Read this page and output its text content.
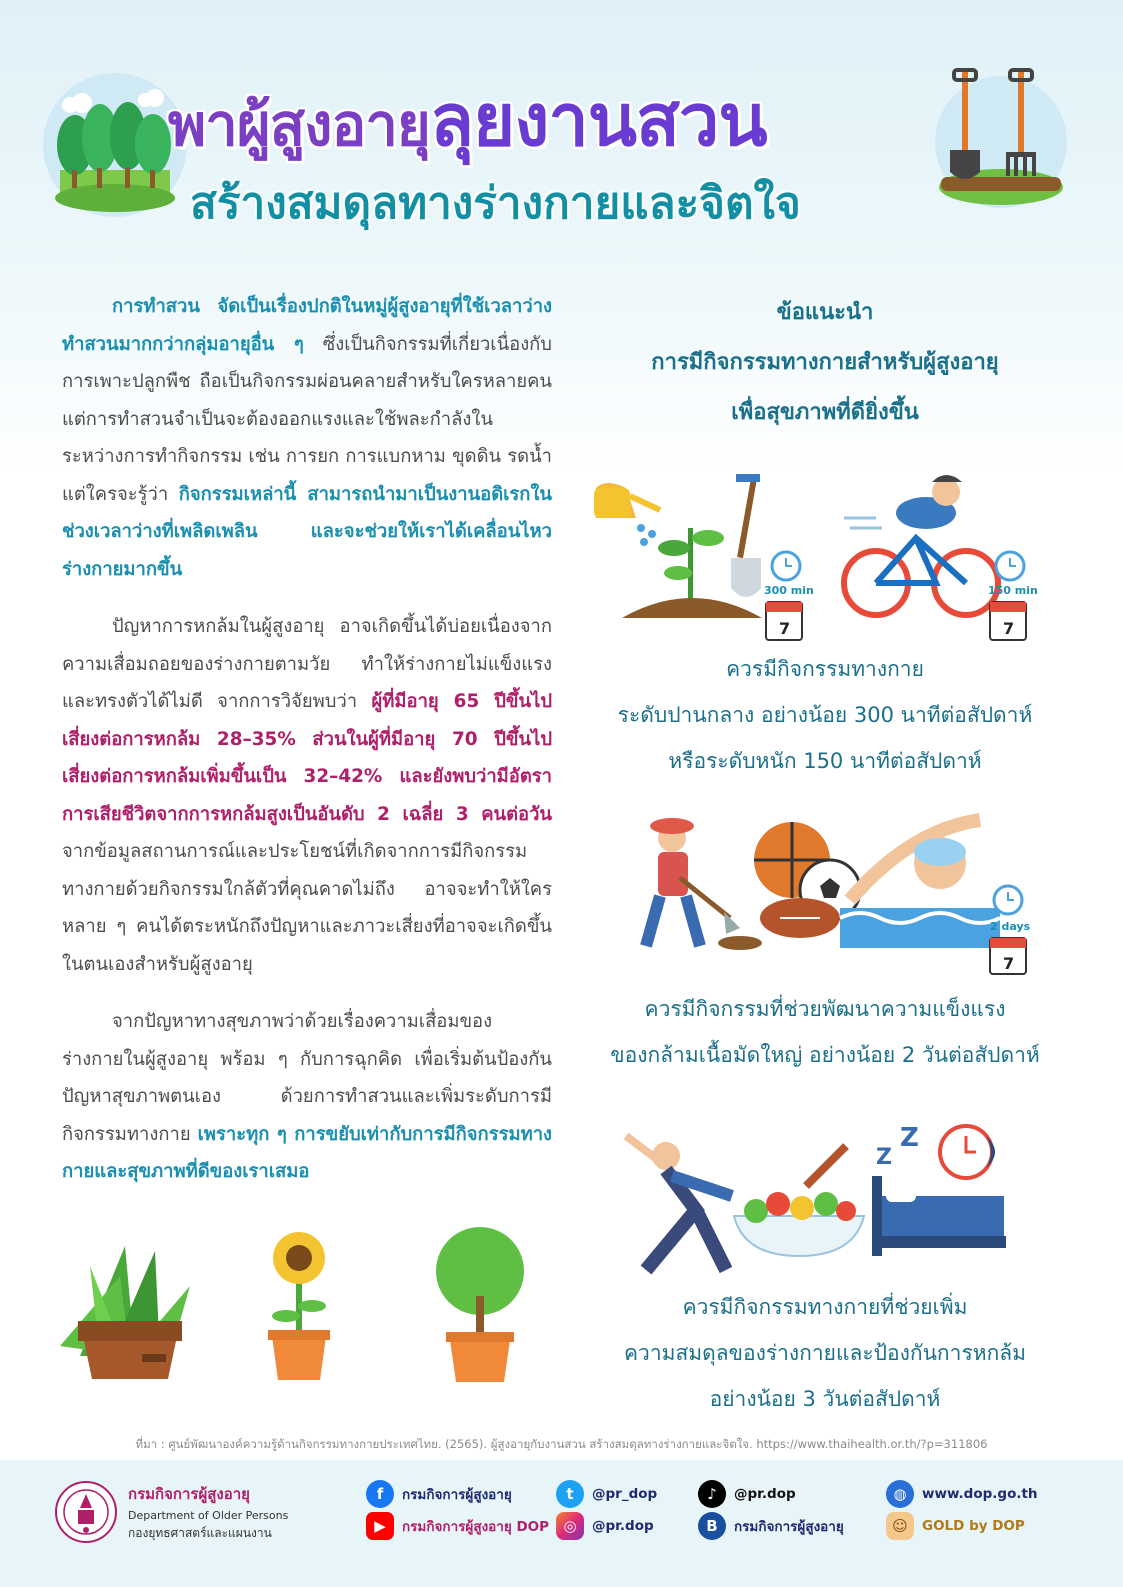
พาผู้สูงอายุลุยงานสวน
สร้างสมดุลทางร่างกายและจิตใจ

การทำสวน จัดเป็นเรื่องปกติในหมู่ผู้สูงอายุที่ใช้เวลาว่างทำสวนมากกว่ากลุ่มอายุอื่น ๆ ซึ่งเป็นกิจกรรมที่เกี่ยวเนื่องกับการเพาะปลูกพืช ถือเป็นกิจกรรมผ่อนคลายสำหรับใครหลายคน แต่การทำสวนจำเป็นจะต้องออกแรงและใช้พละกำลังในระหว่างการทำกิจกรรม เช่น การยก การแบกหาม ขุดดิน รดน้ำ แต่ใครจะรู้ว่า กิจกรรมเหล่านี้ สามารถนำมาเป็นงานอดิเรกในช่วงเวลาว่างที่เพลิดเพลิน และจะช่วยให้เราได้เคลื่อนไหวร่างกายมากขึ้น

ปัญหาการหกล้มในผู้สูงอายุ อาจเกิดขึ้นได้บ่อยเนื่องจากความเสื่อมถอยของร่างกายตามวัย ทำให้ร่างกายไม่แข็งแรงและทรงตัวได้ไม่ดี จากการวิจัยพบว่า ผู้ที่มีอายุ 65 ปีขึ้นไป เสี่ยงต่อการหกล้ม 28–35% ส่วนในผู้ที่มีอายุ 70 ปีขึ้นไป เสี่ยงต่อการหกล้มเพิ่มขึ้นเป็น 32–42% และยังพบว่ามีอัตราการเสียชีวิตจากการหกล้มสูงเป็นอันดับ 2 เฉลี่ย 3 คนต่อวัน จากข้อมูลสถานการณ์และประโยชน์ที่เกิดจากการมีกิจกรรมทางกายด้วยกิจกรรมใกล้ตัวที่คุณคาดไม่ถึง อาจจะทำให้ใครหลาย ๆ คนได้ตระหนักถึงปัญหาและภาวะเสี่ยงที่อาจจะเกิดขึ้นในตนเองสำหรับผู้สูงอายุ

จากปัญหาทางสุขภาพว่าด้วยเรื่องความเสื่อมของร่างกายในผู้สูงอายุ พร้อม ๆ กับการฉุกคิด เพื่อเริ่มต้นป้องกันปัญหาสุขภาพตนเอง ด้วยการทำสวนและเพิ่มระดับการมีกิจกรรมทางกาย เพราะทุก ๆ การขยับเท่ากับการมีกิจกรรมทางกายและสุขภาพที่ดีของเราเสมอ

ข้อแนะนำ
การมีกิจกรรมทางกายสำหรับผู้สูงอายุ
เพื่อสุขภาพที่ดียิ่งขึ้น
300 min
7
150 min
7
ควรมีกิจกรรมทางกาย
ระดับปานกลาง อย่างน้อย 300 นาทีต่อสัปดาห์
หรือระดับหนัก 150 นาทีต่อสัปดาห์
2 days
7
ควรมีกิจกรรมที่ช่วยพัฒนาความแข็งแรง
ของกล้ามเนื้อมัดใหญ่ อย่างน้อย 2 วันต่อสัปดาห์
Z
Z
ควรมีกิจกรรมทางกายที่ช่วยเพิ่ม
ความสมดุลของร่างกายและป้องกันการหกล้ม
อย่างน้อย 3 วันต่อสัปดาห์
ที่มา : ศูนย์พัฒนาองค์ความรู้ด้านกิจกรรมทางกายประเทศไทย. (2565). ผู้สูงอายุกับงานสวน สร้างสมดุลทางร่างกายและจิตใจ. https://www.thaihealth.or.th/?p=311806
กรมกิจการผู้สูงอายุ
Department of Older Persons
กองยุทธศาสตร์และแผนงาน
f	กรมกิจการผู้สูงอายุ
▶	กรมกิจการผู้สูงอายุ DOP
t	@pr_dop
◎	@pr.dop
♪	@pr.dop
B	กรมกิจการผู้สูงอายุ
◍	www.dop.go.th
☺	GOLD by DOP
